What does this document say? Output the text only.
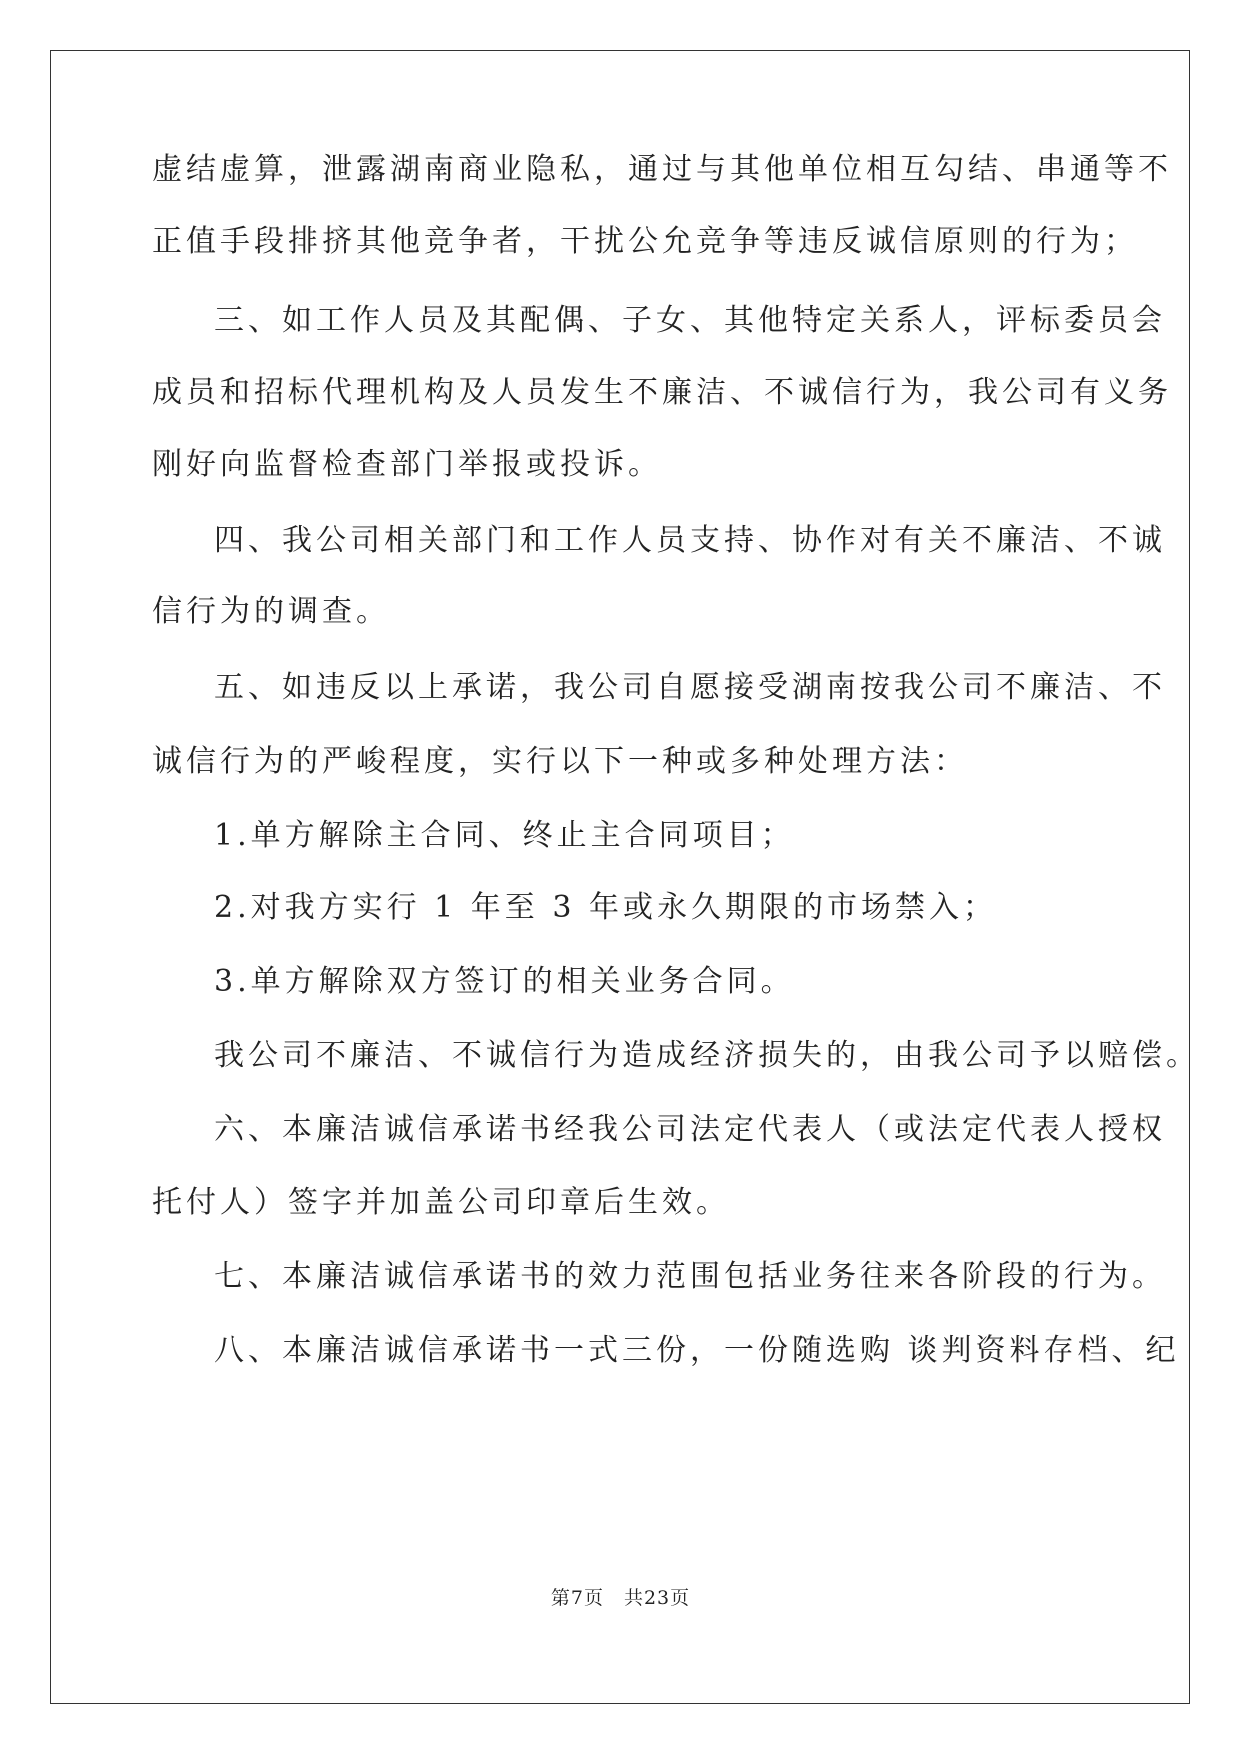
虚结虚算，泄露湖南商业隐私，通过与其他单位相互勾结、串通等不
正值手段排挤其他竞争者，干扰公允竞争等违反诚信原则的行为；
三、如工作人员及其配偶、子女、其他特定关系人，评标委员会
成员和招标代理机构及人员发生不廉洁、不诚信行为，我公司有义务
刚好向监督检查部门举报或投诉。
四、我公司相关部门和工作人员支持、协作对有关不廉洁、不诚
信行为的调查。
五、如违反以上承诺，我公司自愿接受湖南按我公司不廉洁、不
诚信行为的严峻程度，实行以下一种或多种处理方法：
1.单方解除主合同、终止主合同项目；
2.对我方实行 1 年至 3 年或永久期限的市场禁入；
3.单方解除双方签订的相关业务合同。
我公司不廉洁、不诚信行为造成经济损失的，由我公司予以赔偿。
六、本廉洁诚信承诺书经我公司法定代表人（或法定代表人授权
托付人）签字并加盖公司印章后生效。
七、本廉洁诚信承诺书的效力范围包括业务往来各阶段的行为。
八、本廉洁诚信承诺书一式三份，一份随选购 谈判资料存档、纪
第7页　共23页
